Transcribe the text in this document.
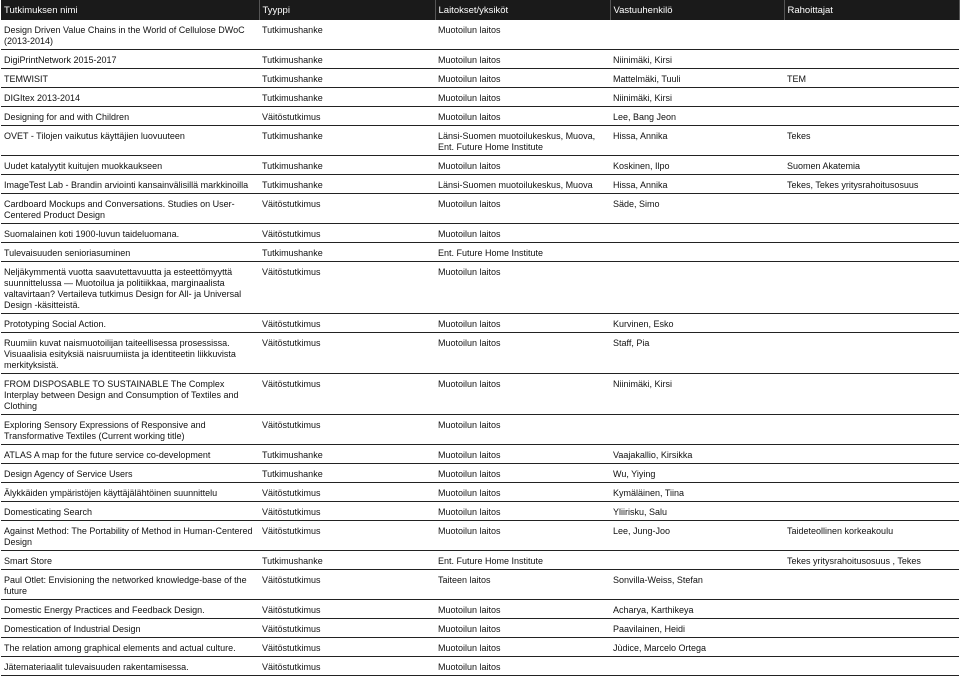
Tutkimuksen nimi	Tyyppi	Laitokset/yksiköt	Vastuuhenkilö	Rahoittajat

Design Driven Value Chains in the World of Cellulose DWoC (2013-2014)	Tutkimushanke	Muotoilun laitos		

DigiPrintNetwork 2015-2017	Tutkimushanke	Muotoilun laitos	Niinimäki, Kirsi	

TEMWISIT	Tutkimushanke	Muotoilun laitos	Mattelmäki, Tuuli	TEM

DIGItex 2013-2014	Tutkimushanke	Muotoilun laitos	Niinimäki, Kirsi	

Designing for and with Children	Väitöstutkimus	Muotoilun laitos	Lee, Bang Jeon	

OVET - Tilojen vaikutus käyttäjien luovuuteen	Tutkimushanke	Länsi-Suomen muotoilukeskus, Muova, Ent. Future Home Institute	Hissa, Annika	Tekes

Uudet katalyytit kuitujen muokkaukseen	Tutkimushanke	Muotoilun laitos	Koskinen, Ilpo	Suomen Akatemia

ImageTest Lab - Brandin arviointi kansainvälisillä markkinoilla	Tutkimushanke	Länsi-Suomen muotoilukeskus, Muova	Hissa, Annika	Tekes, Tekes yritysrahoitusosuus

Cardboard Mockups and Conversations. Studies on User-Centered Product Design	Väitöstutkimus	Muotoilun laitos	Säde, Simo	

Suomalainen koti 1900-luvun taideluomana.	Väitöstutkimus	Muotoilun laitos		

Tulevaisuuden senioriasuminen	Tutkimushanke	Ent. Future Home Institute		

Neljäkymmentä vuotta saavutettavuutta ja esteettömyyttä suunnittelussa — Muotoilua ja politiikkaa, marginaalista valtavirtaan? Vertaileva tutkimus Design for All- ja Universal Design -käsitteistä.	Väitöstutkimus	Muotoilun laitos		

Prototyping Social Action.	Väitöstutkimus	Muotoilun laitos	Kurvinen, Esko	

Ruumiin kuvat naismuotoilijan taiteellisessa prosessissa. Visuaalisia esityksiä naisruumiista ja identiteetin liikkuvista merkityksistä.	Väitöstutkimus	Muotoilun laitos	Staff, Pia	

FROM DISPOSABLE TO SUSTAINABLE The Complex Interplay between Design and Consumption of Textiles and Clothing	Väitöstutkimus	Muotoilun laitos	Niinimäki, Kirsi	

Exploring Sensory Expressions of Responsive and Transformative Textiles (Current working title)	Väitöstutkimus	Muotoilun laitos		

ATLAS A map for the future service co-development	Tutkimushanke	Muotoilun laitos	Vaajakallio, Kirsikka	

Design Agency of Service Users	Tutkimushanke	Muotoilun laitos	Wu, Yiying	

Älykkäiden ympäristöjen käyttäjälähtöinen suunnittelu	Väitöstutkimus	Muotoilun laitos	Kymäläinen, Tiina	

Domesticating Search	Väitöstutkimus	Muotoilun laitos	Yliirisku, Salu	

Against Method: The Portability of Method in Human-Centered Design	Väitöstutkimus	Muotoilun laitos	Lee, Jung-Joo	Taideteollinen korkeakoulu

Smart Store	Tutkimushanke	Ent. Future Home Institute		Tekes yritysrahoitusosuus , Tekes

Paul Otlet: Envisioning the networked knowledge-base of the future	Väitöstutkimus	Taiteen laitos	Sonvilla-Weiss, Stefan	

Domestic Energy Practices and Feedback Design.	Väitöstutkimus	Muotoilun laitos	Acharya, Karthikeya	

Domestication of Industrial Design	Väitöstutkimus	Muotoilun laitos	Paavilainen, Heidi	

The relation among graphical elements and actual culture.	Väitöstutkimus	Muotoilun laitos	Jùdice, Marcelo Ortega	

Jätemateriaalit tulevaisuuden rakentamisessa.	Väitöstutkimus	Muotoilun laitos		
